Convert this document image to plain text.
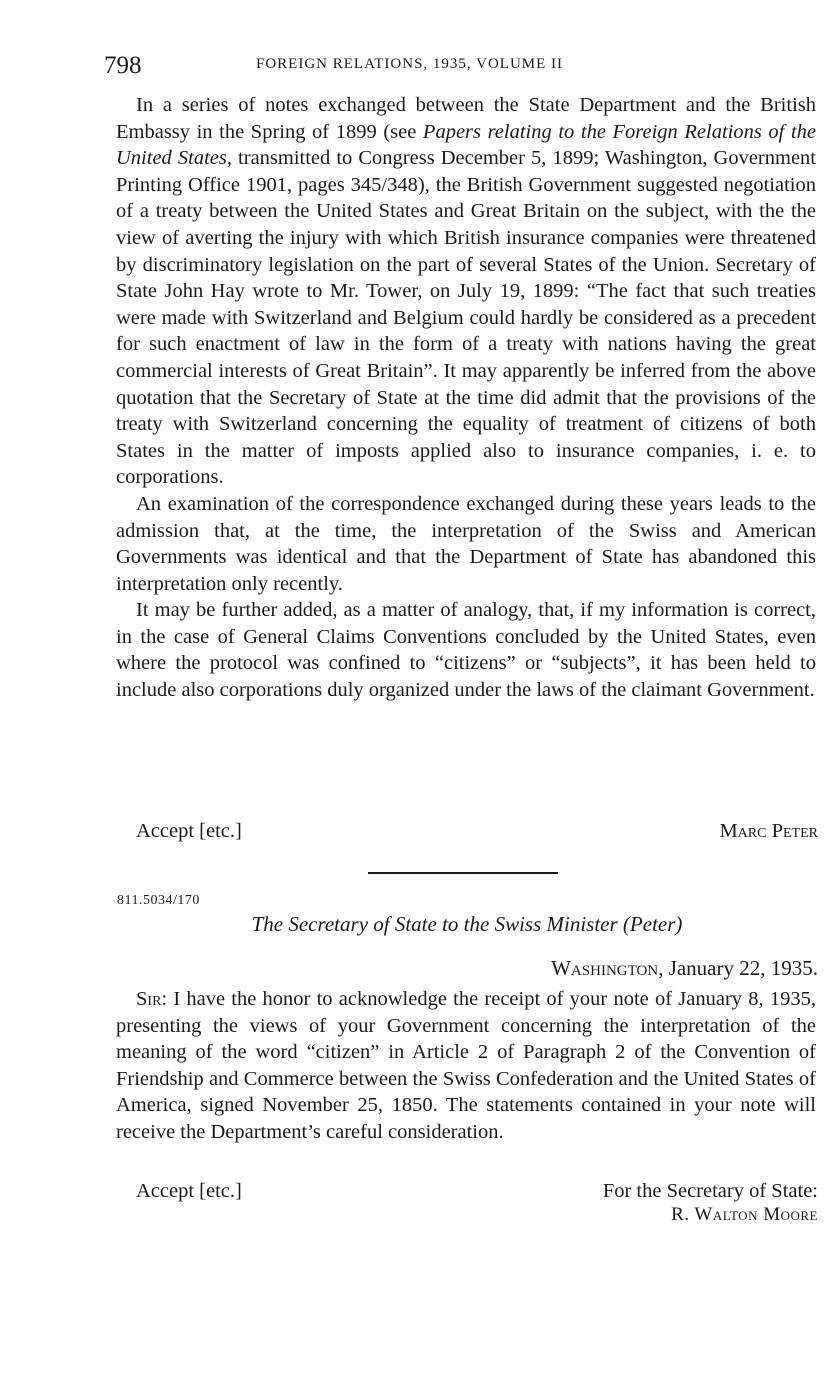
798	FOREIGN RELATIONS, 1935, VOLUME II

In a series of notes exchanged between the State Department and the British Embassy in the Spring of 1899 (see Papers relating to the Foreign Relations of the United States, transmitted to Congress December 5, 1899; Washington, Government Printing Office 1901, pages 345/348), the British Government suggested negotiation of a treaty between the United States and Great Britain on the subject, with the the view of averting the injury with which British insurance companies were threatened by discriminatory legislation on the part of several States of the Union. Secretary of State John Hay wrote to Mr. Tower, on July 19, 1899: “The fact that such treaties were made with Switzerland and Belgium could hardly be considered as a precedent for such enactment of law in the form of a treaty with nations having the great commercial interests of Great Britain”. It may apparently be inferred from the above quotation that the Secretary of State at the time did admit that the provisions of the treaty with Switzerland concerning the equality of treatment of citizens of both States in the matter of imposts applied also to insurance companies, i. e. to corporations.

An examination of the correspondence exchanged during these years leads to the admission that, at the time, the interpretation of the Swiss and American Governments was identical and that the Department of State has abandoned this interpretation only recently.

It may be further added, as a matter of analogy, that, if my information is correct, in the case of General Claims Conventions concluded by the United States, even where the protocol was confined to “citizens” or “subjects”, it has been held to include also corporations duly organized under the laws of the claimant Government.

Accept [etc.]	Marc Peter
811.5034/170
The Secretary of State to the Swiss Minister (Peter)
Washington, January 22, 1935.

Sir: I have the honor to acknowledge the receipt of your note of January 8, 1935, presenting the views of your Government concerning the interpretation of the meaning of the word “citizen” in Article 2 of Paragraph 2 of the Convention of Friendship and Commerce between the Swiss Confederation and the United States of America, signed November 25, 1850. The statements contained in your note will receive the Department’s careful consideration.

Accept [etc.]	For the Secretary of State:
R. Walton Moore
